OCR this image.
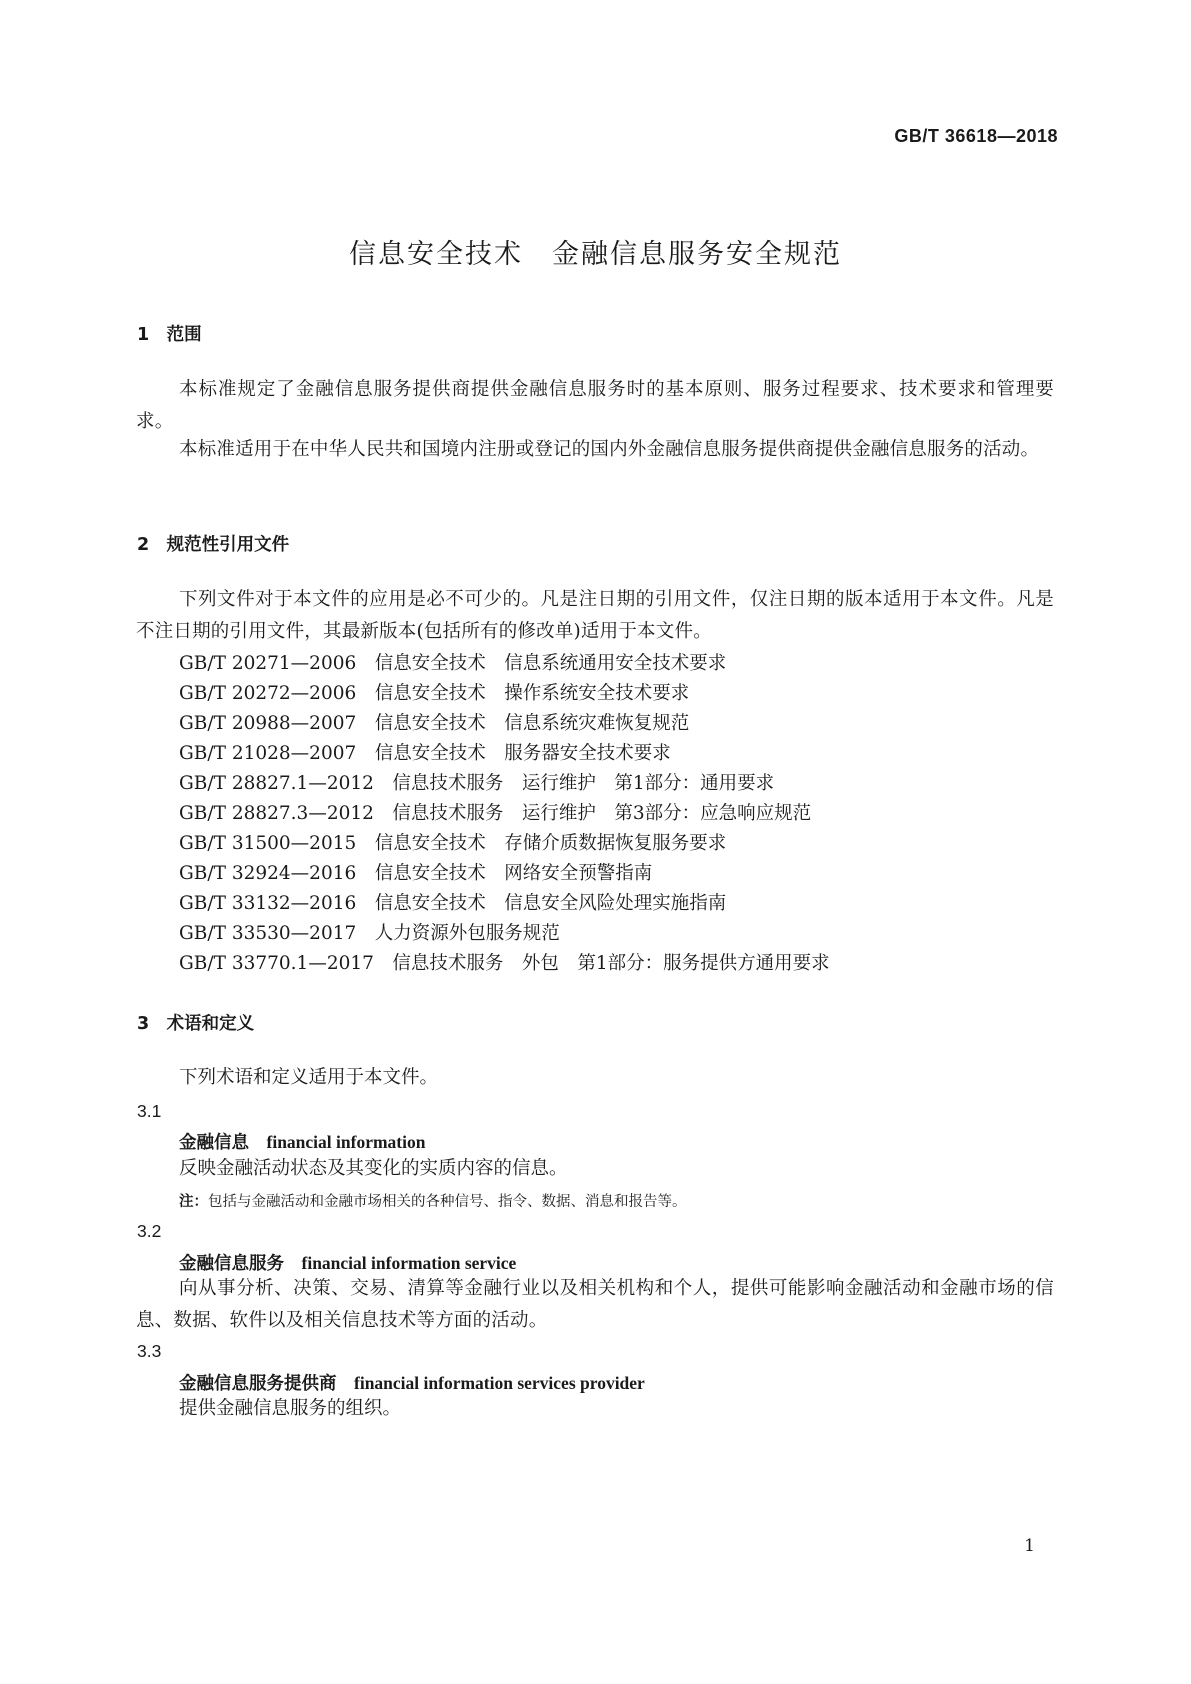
GB/T 36618—2018
信息安全技术　金融信息服务安全规范
1　范围
本标准规定了金融信息服务提供商提供金融信息服务时的基本原则、服务过程要求、技术要求和管理要求。
本标准适用于在中华人民共和国境内注册或登记的国内外金融信息服务提供商提供金融信息服务的活动。
2　规范性引用文件
下列文件对于本文件的应用是必不可少的。凡是注日期的引用文件，仅注日期的版本适用于本文件。凡是不注日期的引用文件，其最新版本(包括所有的修改单)适用于本文件。
GB/T 20271—2006　信息安全技术　信息系统通用安全技术要求
GB/T 20272—2006　信息安全技术　操作系统安全技术要求
GB/T 20988—2007　信息安全技术　信息系统灾难恢复规范
GB/T 21028—2007　信息安全技术　服务器安全技术要求
GB/T 28827.1—2012　信息技术服务　运行维护　第1部分：通用要求
GB/T 28827.3—2012　信息技术服务　运行维护　第3部分：应急响应规范
GB/T 31500—2015　信息安全技术　存储介质数据恢复服务要求
GB/T 32924—2016　信息安全技术　网络安全预警指南
GB/T 33132—2016　信息安全技术　信息安全风险处理实施指南
GB/T 33530—2017　人力资源外包服务规范
GB/T 33770.1—2017　信息技术服务　外包　第1部分：服务提供方通用要求
3　术语和定义
下列术语和定义适用于本文件。
3.1
金融信息　 financial information
反映金融活动状态及其变化的实质内容的信息。
注：包括与金融活动和金融市场相关的各种信号、指令、数据、消息和报告等。
3.2
金融信息服务　 financial information service
向从事分析、决策、交易、清算等金融行业以及相关机构和个人，提供可能影响金融活动和金融市场的信息、数据、软件以及相关信息技术等方面的活动。
3.3
金融信息服务提供商　 financial information services provider
提供金融信息服务的组织。
1
